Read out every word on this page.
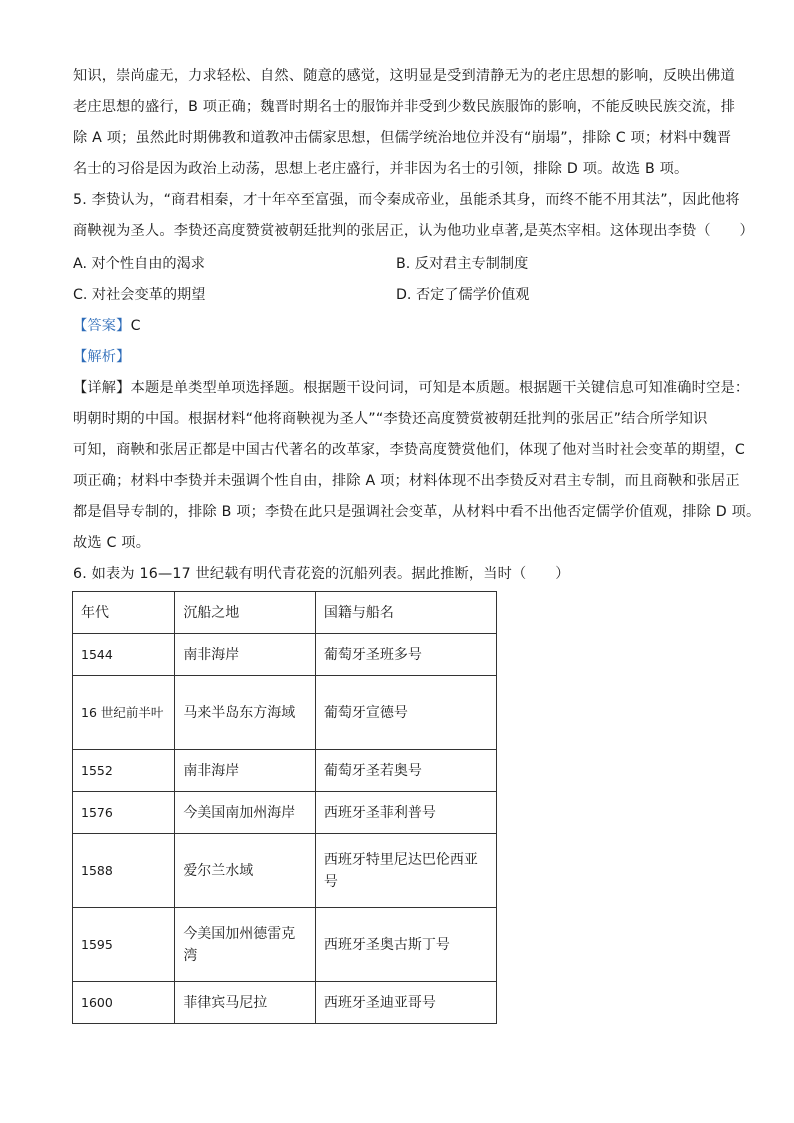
知识，崇尚虚无，力求轻松、自然、随意的感觉，这明显是受到清静无为的老庄思想的影响，反映出佛道
老庄思想的盛行，B 项正确；魏晋时期名士的服饰并非受到少数民族服饰的影响，不能反映民族交流，排
除 A 项；虽然此时期佛教和道教冲击儒家思想，但儒学统治地位并没有“崩塌”，排除 C 项；材料中魏晋
名士的习俗是因为政治上动荡，思想上老庄盛行，并非因为名士的引领，排除 D 项。故选 B 项。
5. 李贽认为，“商君相秦，才十年卒至富强，而令秦成帝业，虽能杀其身，而终不能不用其法”，因此他将
商鞅视为圣人。李贽还高度赞赏被朝廷批判的张居正，认为他功业卓著,是英杰宰相。这体现出李贽（　　）
A. 对个性自由的渴求	B. 反对君主专制制度
C. 对社会变革的期望	D. 否定了儒学价值观
【答案】C
【解析】
【详解】本题是单类型单项选择题。根据题干设问词，可知是本质题。根据题干关键信息可知准确时空是：
明朝时期的中国。根据材料“他将商鞅视为圣人”“李贽还高度赞赏被朝廷批判的张居正”结合所学知识
可知，商鞅和张居正都是中国古代著名的改革家，李贽高度赞赏他们，体现了他对当时社会变革的期望，C
项正确；材料中李贽并未强调个性自由，排除 A 项；材料体现不出李贽反对君主专制，而且商鞅和张居正
都是倡导专制的，排除 B 项；李贽在此只是强调社会变革，从材料中看不出他否定儒学价值观，排除 D 项。
故选 C 项。
6. 如表为 16—17 世纪载有明代青花瓷的沉船列表。据此推断，当时（　　）
年代	沉船之地	国籍与船名
1544	南非海岸	葡萄牙圣班多号
16 世纪前半叶	马来半岛东方海域	葡萄牙宣德号
1552	南非海岸	葡萄牙圣若奥号
1576	今美国南加州海岸	西班牙圣菲利普号
1588	爱尔兰水域	西班牙特里尼达巴伦西亚号
1595	今美国加州德雷克湾	西班牙圣奥古斯丁号
1600	菲律宾马尼拉	西班牙圣迪亚哥号
